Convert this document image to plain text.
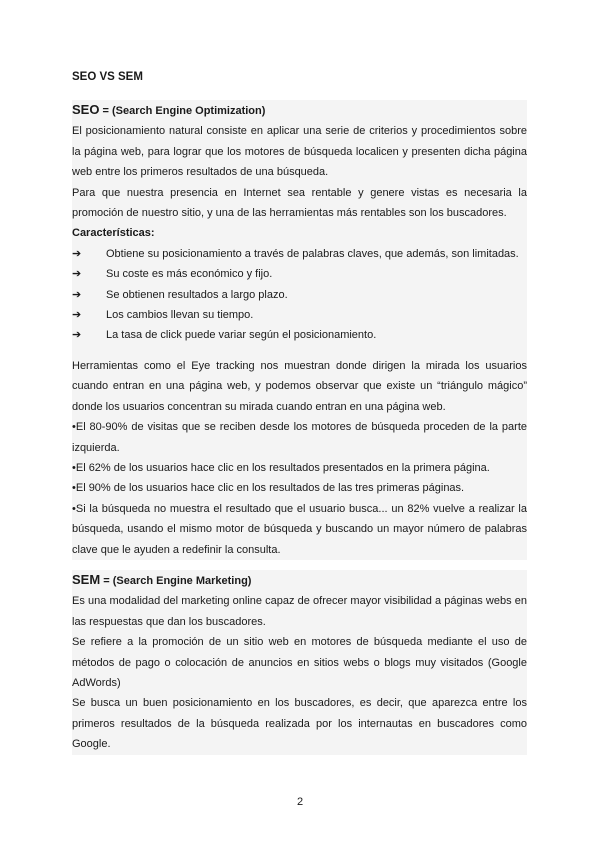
SEO VS SEM
SEO = (Search Engine Optimization)
El posicionamiento natural consiste en aplicar una serie de criterios y procedimientos sobre la página web, para lograr que los motores de búsqueda localicen y presenten dicha página web entre los primeros resultados de una búsqueda.
Para que nuestra presencia en Internet sea rentable y genere vistas es necesaria la promoción de nuestro sitio, y una de las herramientas más rentables son los buscadores.
Características:
➔	Obtiene su posicionamiento a través de palabras claves, que además, son limitadas.
➔	Su coste es más económico y fijo.
➔	Se obtienen resultados a largo plazo.
➔	Los cambios llevan su tiempo.
➔	La tasa de click puede variar según el posicionamiento.
Herramientas como el Eye tracking nos muestran donde dirigen la mirada los usuarios cuando entran en una página web, y podemos observar que existe un “triángulo mágico” donde los usuarios concentran su mirada cuando entran en una página web.
•El 80-90% de visitas que se reciben desde los motores de búsqueda proceden de la parte izquierda.
•El 62% de los usuarios hace clic en los resultados presentados en la primera página.
•El 90% de los usuarios hace clic en los resultados de las tres primeras páginas.
•Si la búsqueda no muestra el resultado que el usuario busca... un 82% vuelve a realizar la búsqueda, usando el mismo motor de búsqueda y buscando un mayor número de palabras clave que le ayuden a redefinir la consulta.
SEM = (Search Engine Marketing)
Es una modalidad del marketing online capaz de ofrecer mayor visibilidad a páginas webs en las respuestas que dan los buscadores.
Se refiere a la promoción de un sitio web en motores de búsqueda mediante el uso de métodos de pago o colocación de anuncios en sitios webs o blogs muy visitados (Google AdWords)
Se busca un buen posicionamiento en los buscadores, es decir, que aparezca entre los primeros resultados de la búsqueda realizada por los internautas en buscadores como Google.
2
